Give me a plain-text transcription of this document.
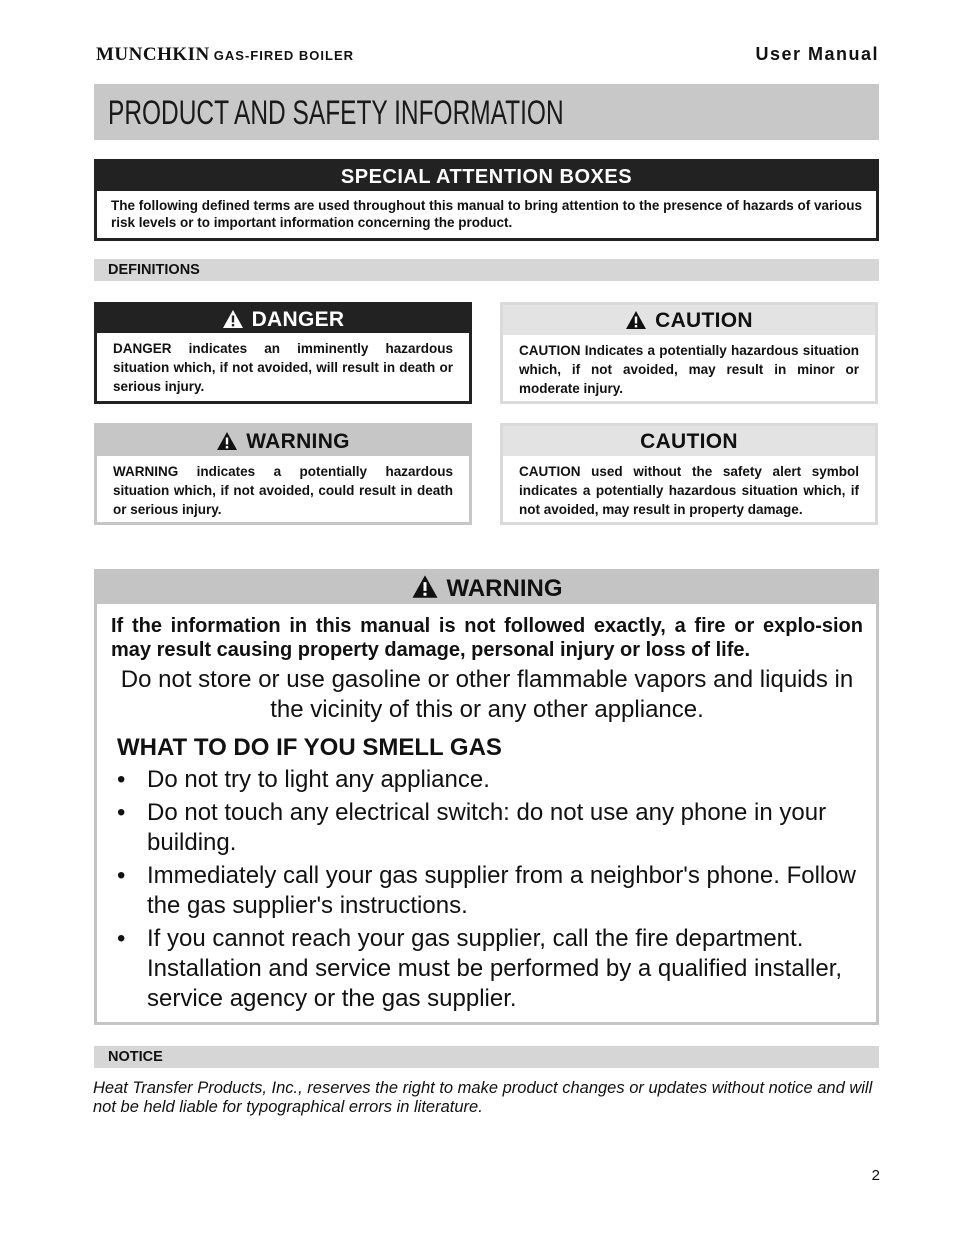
MUNCHKIN GAS-FIRED BOILER	User Manual
PRODUCT AND SAFETY INFORMATION
SPECIAL ATTENTION BOXES
The following defined terms are used throughout this manual to bring attention to the presence of hazards of various risk levels or to important information concerning the product.
DEFINITIONS
DANGER
DANGER indicates an imminently hazardous situation which, if not avoided, will result in death or serious injury.
CAUTION
CAUTION Indicates a potentially hazardous situation which, if not avoided, may result in minor or moderate injury.
WARNING
WARNING indicates a potentially hazardous situation which, if not avoided, could result in death or serious injury.
CAUTION
CAUTION used without the safety alert symbol indicates a potentially hazardous situation which, if not avoided, may result in property damage.
WARNING
If the information in this manual is not followed exactly, a fire or explo-sion may result causing property damage, personal injury or loss of life.
Do not store or use gasoline or other flammable vapors and liquids in the vicinity of this or any other appliance.
WHAT TO DO IF YOU SMELL GAS
• Do not try to light any appliance.
• Do not touch any electrical switch: do not use any phone in your building.
• Immediately call your gas supplier from a neighbor's phone. Follow the gas supplier's instructions.
• If you cannot reach your gas supplier, call the fire department. Installation and service must be performed by a qualified installer, service agency or the gas supplier.
NOTICE
Heat Transfer Products, Inc., reserves the right to make product changes or updates without notice and will not be held liable for typographical errors in literature.
2
